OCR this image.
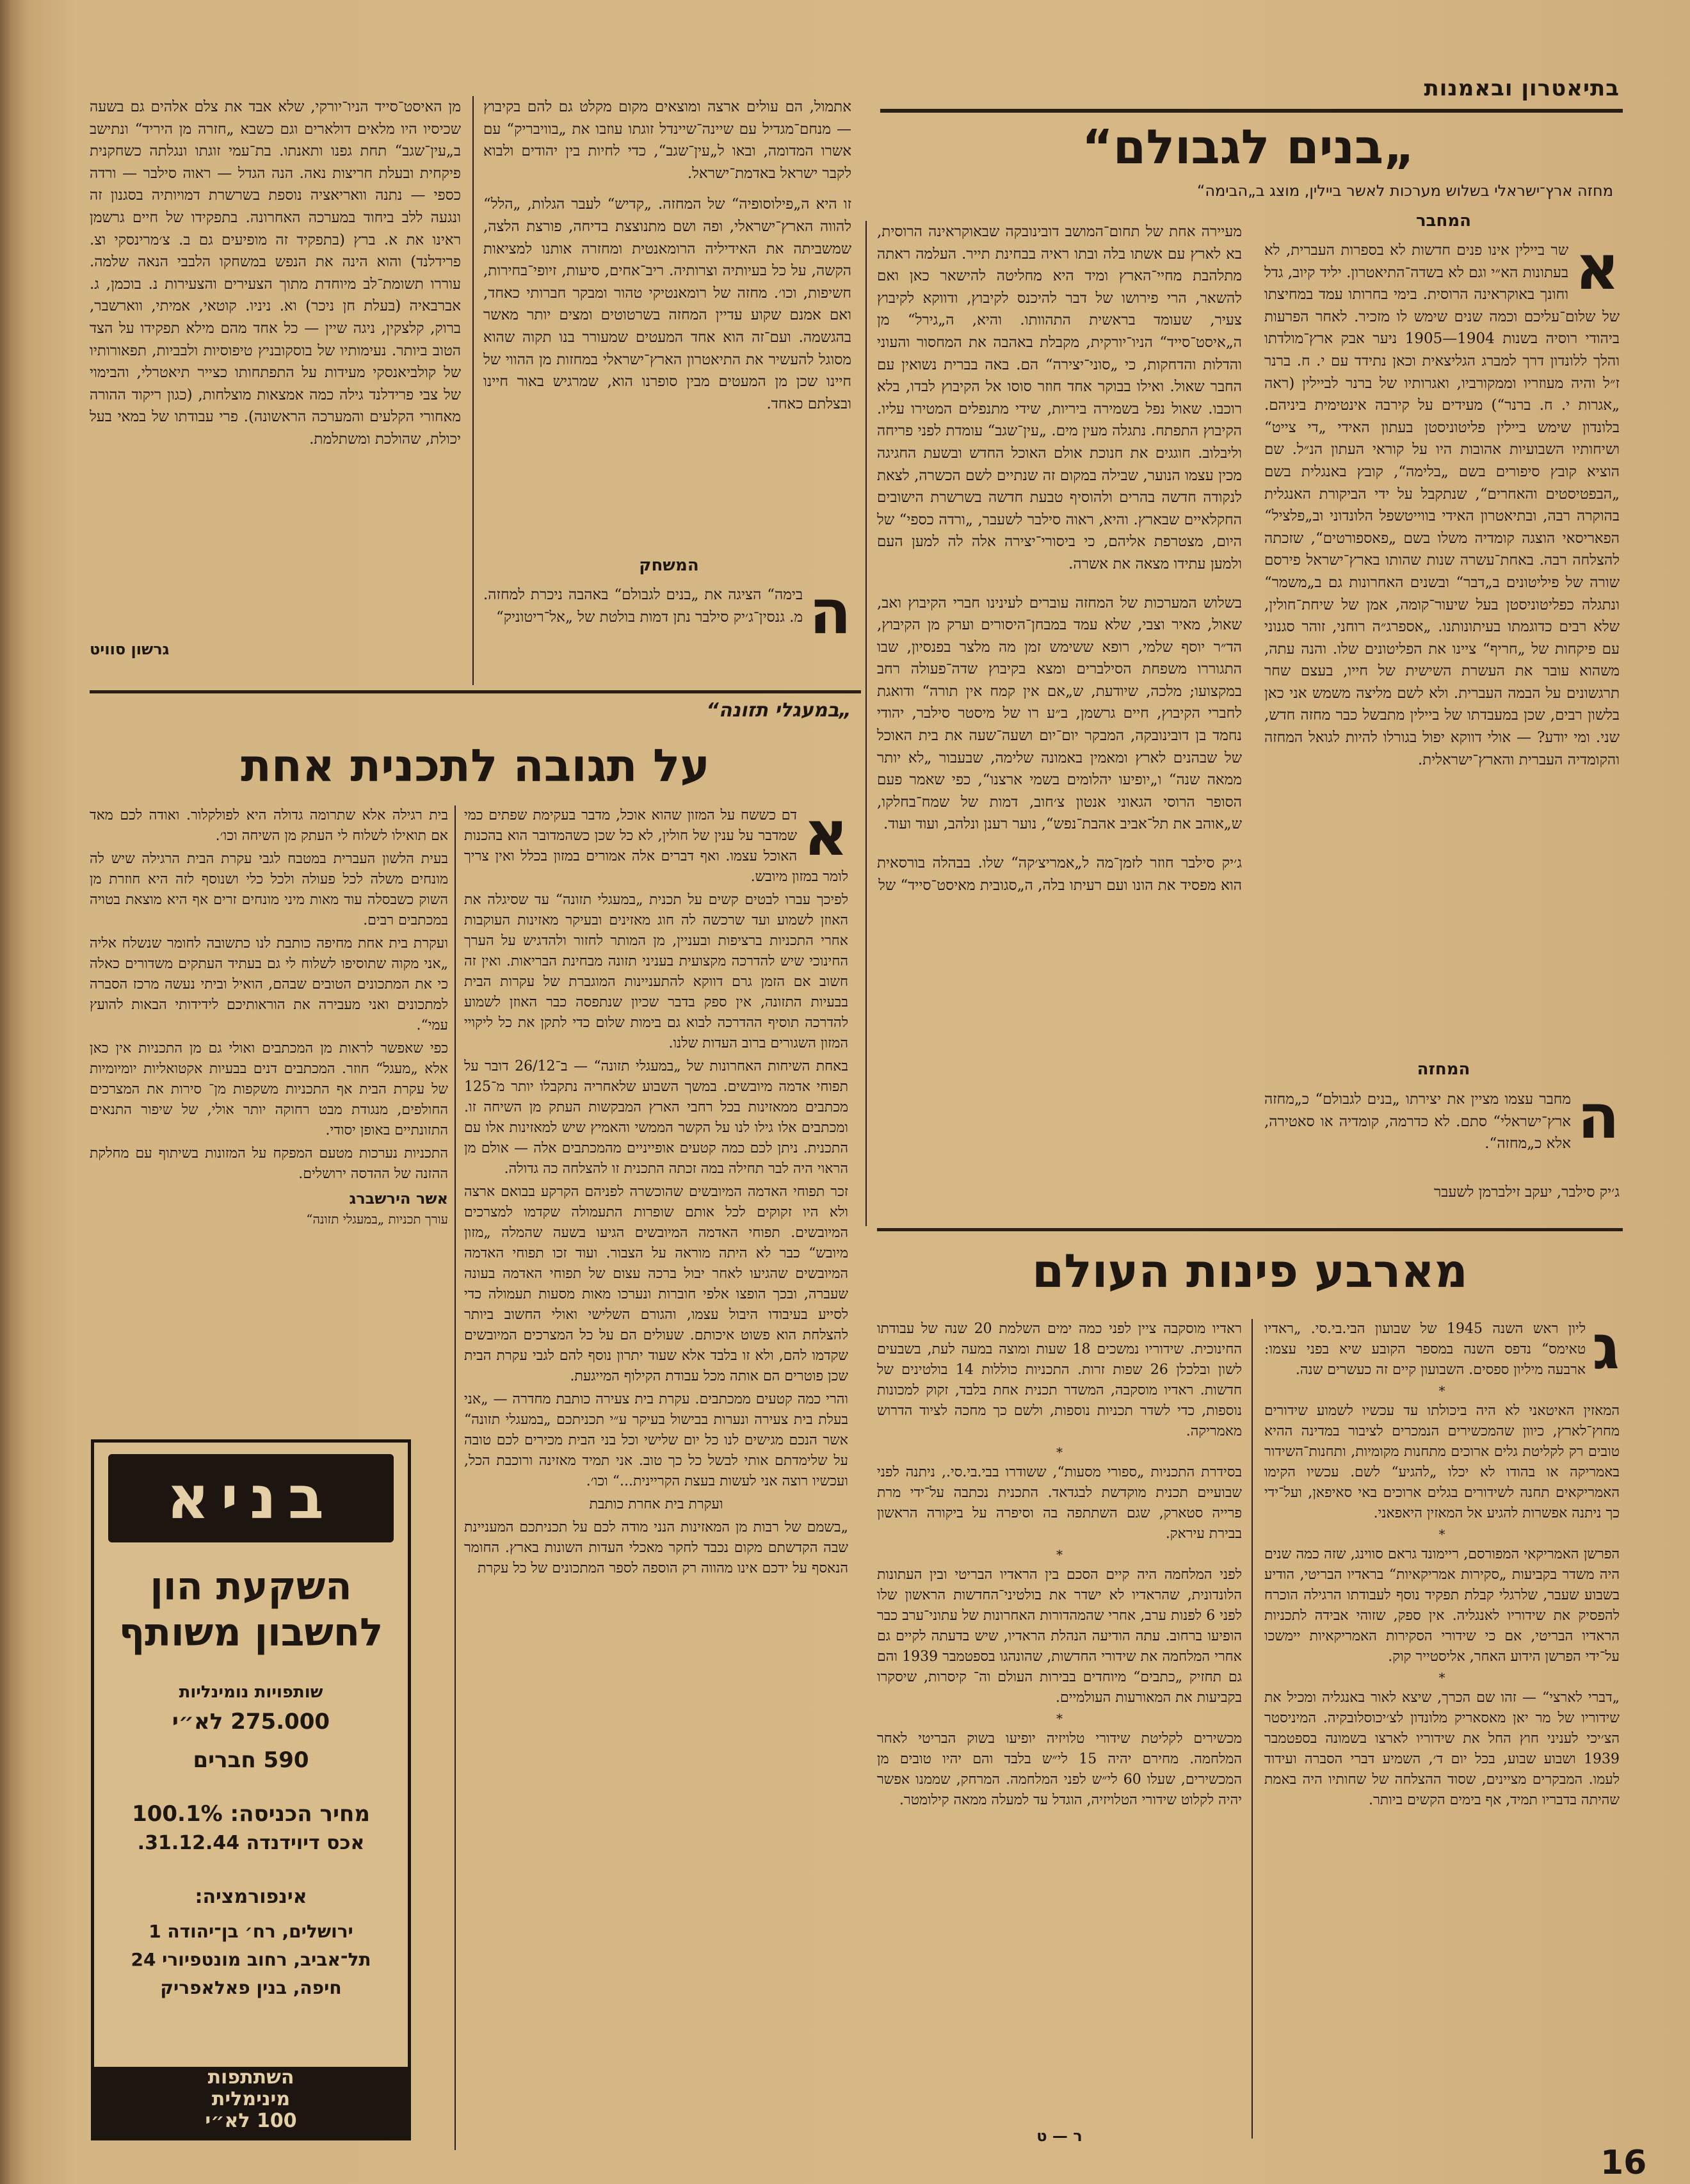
בתיאטרון ובאמנות
„בנים לגבולם“
מחזה ארץ־ישראלי בשלוש מערכות לאשר ביילין, מוצג ב„הבימה“
המחבר
א
שר ביילין אינו פנים חדשות לא בספרות העברית, לא בעתונות הא״י וגם לא בשדה־התיאטרון. יליד קיוב, גדל וחונך באוקראינה הרוסית. בימי בחרותו עמד במחיצתו של שלום־עליכם וכמה שנים שימש לו מזכיר. לאחר הפרעות ביהודי רוסיה בשנות 1904—1905 ניער אבק ארץ־מולדתו והלך ללונדון דרך למברג הגליצאית וכאן נתידד עם י. ח. ברנר ז״ל והיה מעוזריו וממקורביו, ואגרותיו של ברנר לביילין (ראה „אגרות י. ח. ברנר“) מעידים על קירבה אינטימית ביניהם. בלונדון שימש ביילין פליטוניסטן בעתון האידי „די צייט“ ושיחותיו השבועיות אהובות היו על קוראי העתון הנ״ל. שם הוציא קובץ סיפורים בשם „בלימה“, קובץ באנגלית בשם „הבפטיסטים והאחרים“, שנתקבל על ידי הביקורת האנגלית בהוקרה רבה, ובתיאטרון האידי בווייטשפל הלונדוני וב„פלציל“ הפאריסאי הוצגה קומדיה משלו בשם „פאספורטים“, שזכתה להצלחה רבה. באחת־עשרה שנות שהותו בארץ־ישראל פירסם שורה של פיליטונים ב„דבר“ ובשנים האחרונות גם ב„משמר“ ונתגלה כפליטוניסטן בעל שיעור־קומה, אמן של שיחת־חולין, שלא רבים כדוגמתו בעיתונותנו. „אספרג״ה רוחני, זוהר סגנוני עם פיקחות של „חריף“ ציינו את הפליטונים שלו. והנה עתה, משהוא עובר את העשרת השישית של חייו, בעצם שחר תרגשונים על הבמה העברית. ולא לשם מליצה משמש אני כאן בלשון רבים, שכן במעבדתו של ביילין מתבשל כבר מחזה חדש, שני. ומי יודע? — אולי דווקא יפול בגורלו להיות לגואל המחזה והקומדיה העברית והארץ־ישראלית.
המחזה
ה
מחבר עצמו מציין את יצירתו „בנים לגבולם“ כ„מחזה ארץ־ישראלי“ סתם. לא כדרמה, קומדיה או סאטירה, אלא כ„מחזה“.
ג׳יק סילבר, יעקב זילברמן לשעבר

מעיירה אחת של תחום־המושב דובינובקה שבאוקראינה הרוסית, בא לארץ עם אשתו בלה ובתו ראיה בבחינת תייר. העלמה ראתה מתלהבת מחיי־הארץ ומיד היא מחליטה להישאר כאן ואם להשאר, הרי פירושו של דבר להיכנס לקיבוץ, ודווקא לקיבוץ צעיר, שעומד בראשית התהוותו. והיא, ה„גירל“ מן ה„איסט־סייד“ הניו־יורקית, מקבלת באהבה את המחסור והעוני והדלות והדחקות, כי „סוני־יצירה“ הם. באה בברית נשואין עם החבר שאול. ואילו בבוקר אחד חוזר סוסו אל הקיבוץ לבדו, בלא רוכבו. שאול נפל בשמירה ביריות, שידי מתנפלים המטירו עליו. הקיבוץ התפתח. נתגלה מעין מים. „עין־שגב“ עומדת לפני פריחה וליבלוב. חוגגים את חנוכת אולם האוכל החדש ובשעת החגיגה מכין עצמו הנוער, שבילה במקום זה שנתיים לשם הכשרה, לצאת לנקודה חדשה בהרים ולהוסיף טבעת חדשה בשרשרת הישובים החקלאיים שבארץ. והיא, ראוה סילבר לשעבר, „ורדה כספי“ של היום, מצטרפת אליהם, כי ביסורי־יצירה אלה לה למען העם ולמען עתידו מצאה את אשרה.

בשלוש המערכות של המחזה עוברים לעינינו חברי הקיבוץ ואב, שאול, מאיר וצבי, שלא עמד במבחן־היסורים וערק מן הקיבוץ, הד״ר יוסף שלמי, רופא ששימש זמן מה מלצר בפנסיון, שבו התגוררו משפחת הסילברים ומצא בקיבוץ שדה־פעולה רחב במקצועו; מלכה, שיודעת, ש„אם אין קמח אין תורה“ ודואגת לחברי הקיבוץ, חיים גרשמן, ב״ע רו של מיסטר סילבר, יהודי נחמד בן דובינובקה, המבקר יום־יום ושעה־שעה את בית האוכל של שבהנים לארץ ומאמין באמונה שלימה, שבעבור „לא יותר ממאה שנה“ ו„יופיעו יהלומים בשמי ארצנו“, כפי שאמר פעם הסופר הרוסי הגאוני אנטון צ׳חוב, דמות של שמח־בחלקו, ש„אוהב את תל־אביב אהבת־נפש“, נוער רענן ונלהב, ועוד ועוד.

ג׳יק סילבר חוזר לזמן־מה ל„אמריצ׳קה“ שלו. בבהלה בורסאית הוא מפסיד את הונו ועם רעיתו בלה, ה„סגובית מאיסט־סייד“ של

אתמול, הם עולים ארצה ומוצאים מקום מקלט גם להם בקיבוץ — מנחם־מגדיל עם שיינה־שיינדל זוגתו עוזבו את „בוויבריק“ עם אשרו המדומה, ובאו ל„עין־שגב“, כדי לחיות בין יהודים ולבוא לקבר ישראל באדמת־ישראל.

זו היא ה„פילוסופיה“ של המחזה. „קדיש“ לעבר הגלות, „הלל“ להווה הארץ־ישראלי, ופה ושם מתנוצצת בדיחה, פורצת הלצה, שמשביתה את האידיליה הרומאנטית ומחזרה אותנו למציאות הקשה, על כל בעיותיה וצרותיה. ריב־אחים, סיעות, זיופי־בחירות, חשיפות, וכו׳. מחזה של רומאנטיקי טהור ומבקר חברותי כאחד, ואם אמנם שקוע עדיין המחזה בשרטוטים ומצים יותר מאשר בהגשמה. ועם־זה הוא אחד המעטים שמעורר בנו תקוה שהוא מסוגל להעשיר את התיאטרון הארץ־ישראלי במחזות מן ההווי של חיינו שכן מן המעטים מבין סופרנו הוא, שמרגיש באור חיינו ובצלתם כאחד.

המשחק
ה
בימה“ הציגה את „בנים לגבולם“ באהבה ניכרת למחזה. מ. גנסין־ג׳יק סילבר נתן דמות בולטת של „אל־ריטוניק“

מן האיסט־סייד הניו־יורקי, שלא אבד את צלם אלהים גם בשעה שכיסיו היו מלאים דולארים וגם כשבא „חזרה מן היריד“ ונתישב ב„עין־שגב“ תחת גפנו ותאנתו. בת־עמי זוגתו ונגלתה כשחקנית פיקחית ובעלת חריצות נאה. הנה הגדל — ראוה סילבר — ורדה כספי — נתנה וואריאציה נוספת בשרשרת דמויותיה בסגנון זה ונגעה ללב ביחוד במערכה האחרונה. בתפקידו של חיים גרשמן ראינו את א. ברץ (בתפקיד זה מופיעים גם ב. צ׳מרינסקי וצ. פרידלנד) והוא הינה את הנפש במשחקו הלבבי הנאה שלמה. עוררו תשומת־לב מיוחדת מתוך הצעירים והצעירות נ. בוכמן, ג. אברבאיה (בעלת חן ניכר) וא. ניניו. קוטאי, אמיתי, ווארשבר, ברוק, קלצקין, ניגה שיין — כל אחד מהם מילא תפקידו על הצד הטוב ביותר. נעימותיו של בוסקובניץ טיפוסיות ולבביות, תפאורותיו של קולביאנסקי מעידות על התפתחותו כצייר תיאטרלי, והבימוי של צבי פרידלנד גילה כמה אמצאות מוצלחות, (כגון ריקוד ההורה מאחורי הקלעים והמערכה הראשונה). פרי עבודתו של במאי בעל יכולת, שהולכת ומשתלמת.

גרשון סוויט
„במעגלי תזונה“
על תגובה לתכנית אחת
א

דם כששח על המזון שהוא אוכל, מדבר בעקימת שפתים כמי שמדבר על ענין של חולין, לא כל שכן כשהמדובר הוא בהכנות האוכל עצמו. ואף דברים אלה אמורים במזון בכלל ואין צריך לומר במזון מיובש.

לפיכך עברו לבטים קשים על תכנית „במעגלי תזונה“ עד שסיגלה את האוזן לשמוע ועד שרכשה לה חוג מאזינים ובעיקר מאזינות העוקבות אחרי התכניות ברציפות ובעניין, מן המותר לחזור ולהדגיש על הערך החינוכי שיש להדרכה מקצועית בעניני תזונה מבחינת הבריאות. ואין זה חשוב אם הזמן גרם דווקא להתעניינות המוגברת של עקרות הבית בבעיות התזונה, אין ספק בדבר שכיון שנתפסה כבר האוזן לשמוע להדרכה תוסיף ההדרכה לבוא גם בימות שלום כדי לתקן את כל ליקויי המזון השגורים ברוב העדות שלנו.

באחת השיחות האחרונות של „במעגלי תזונה“ — ב־26/12 דובר על תפוחי אדמה מיובשים. במשך השבוע שלאחריה נתקבלו יותר מ־125 מכתבים ממאזינות בכל רחבי הארץ המבקשות העתק מן השיחה זו. ומכתבים אלו גילו לנו על הקשר הממשי והאמיץ שיש למאזינות אלו עם התכנית. ניתן לכם כמה קטעים אופייניים מהמכתבים אלה — אולם מן הראוי היה לבר תחילה במה זכתה התכנית זו להצלחה כה גדולה.

זכר תפוחי האדמה המיובשים שהוכשרה לפניהם הקרקע בבואם ארצה ולא היו זקוקים לכל אותם שופרות התעמולה שקדמו למצרכים המיובשים. תפוחי האדמה המיובשים הגיעו בשעה שהמלה „מזון מיובש“ כבר לא היתה מוראה על הצבור. ועוד זכו תפוחי האדמה המיובשים שהגיעו לאחר יבול ברכה עצום של תפוחי האדמה בעונה שעברה, ובכך הופצו אלפי חוברות ונערכו מאות מסעות תעמולה כדי לסייע בעיבודו היבול עצמו, והגורם השלישי ואולי החשוב ביותר להצלחת הוא פשוט איכותם. שעולים הם על כל המצרכים המיובשים שקדמו להם, ולא זו בלבד אלא שעוד יתרון נוסף להם לגבי עקרת הבית שכן פוטרים הם אותה מכל עבודת הקילוף המייגעת.

והרי כמה קטעים ממכתבים. עקרת בית צעירה כותבת מחדרה — „אני בעלת בית צעירה ונערות בבישול בעיקר ע״י תכניתכם „במעגלי תזונה“ אשר הנכם מגישים לנו כל יום שלישי וכל בני הבית מכירים לכם טובה על שלימדתם אותי לבשל כל כך טוב. אני תמיד מאזינה ורוכבת הכל, ועכשיו רוצה אני לעשות בעצת הקריינית...“ וכו׳.

ועקרת בית אחרת כותבת

„בשמם של רבות מן המאזינות הנני מודה לכם על תכניתכם המעניינת שבה הקדשתם מקום נכבד לחקר מאכלי העדות השונות בארץ. החומר הנאסף על ידכם אינו מהווה רק הוספה לספר המתכונים של כל עקרת

בית רגילה אלא שתרומה גדולה היא לפולקלור. ואודה לכם מאד אם תואילו לשלוח לי העתק מן השיחה וכו׳.

בעית הלשון העברית במטבח לגבי עקרת הבית הרגילה שיש לה מונחים משלה לכל פעולה ולכל כלי ושנוסף לזה היא חוזרת מן השוק כשבסלה עוד מאות מיני מונחים זרים אף היא מוצאת בטויה במכתבים רבים.

ועקרת בית אחת מחיפה כותבת לנו כתשובה לחומר שנשלח אליה „אני מקוה שתוסיפו לשלוח לי גם בעתיד העתקים משדורים כאלה כי את המתכונים הטובים שבהם, הואיל וביתי נעשה מרכז הסברה למתכונים ואני מעבירה את הוראותיכם לידידותי הבאות להועץ עמי“.

כפי שאפשר לראות מן המכתבים ואולי גם מן התכניות אין כאן אלא „מעגל“ חוזר. המכתבים דנים בבעיות אקטואליות יומיומיות של עקרת הבית אף התכניות משקפות מן־ סירות את המצרכים החולפים, מנגודת מבט רחוקה יותר אולי, של שיפור התנאים התזונתיים באופן יסודי.

התכניות נערכות מטעם המפקח על המזונות בשיתוף עם מחלקת ההזנה של ההדסה ירושלים.

אשר הירשברג

עורך תכניות „במעגלי תזונה“

בניא
השקעת הון
לחשבון משותף
שותפויות נומינליות
275.000 לא״י
590 חברים
מחיר הכניסה: 100.1%
אכס דיוידנדה 31.12.44.
אינפורמציה:
ירושלים, רח׳ בן־יהודה 1
תל־אביב, רחוב מונטפיורי 24
חיפה, בנין פאלאפריק
השתתפות
מינימלית
100 לא״י
מארבע פינות העולם
ג

ליון ראש השנה 1945 של שבועון הבי.בי.סי. „ראדיו טאימס“ נדפס השנה במספר הקובע שיא בפני עצמו: ארבעה מיליון ספסים. השבועון קיים זה כעשרים שנה.

*

המאזין האיטאני לא היה ביכולתו עד עכשיו לשמוע שידורים מחוץ־לארץ, כיוון שהמכשירים הנמכרים לציבור במדינה ההיא טובים רק לקליטת גלים ארוכים מתחנות מקומיות, ותחנות־השידור באמריקה או בהודו לא יכלו „להגיע“ לשם. עכשיו הקימו האמריקאים תחנה לשידורים בגלים ארוכים באי סאיפאן, ועל־ידי כך ניתנה אפשרות להגיע אל המאזין היאפאני.

*

הפרשן האמריקאי המפורסם, ריימונד גראם סווינג, שזה כמה שנים היה משדר בקביעות „סקירות אמריקאיות“ בראדיו הבריטי, הודיע בשבוע שעבר, שלרגלי קבלת תפקיד נוסף לעבודתו הרגילה הוכרח להפסיק את שידוריו לאנגליה. אין ספק, שזוהי אבידה לתכניות הראדיו הבריטי, אם כי שידורי הסקירות האמריקאיות יימשכו על־ידי הפרשן הידוע האחר, אליסטייר קוק.

*

„דברי לארצי“ — זהו שם הכרך, שיצא לאור באנגליה ומכיל את שידוריו של מר יאן מאסאריק מלונדון לצ׳יכוסלובקיה. המיניסטר הצ׳יכי לעניני חוץ החל את שידוריו לארצו בשמונה בספטמבר 1939 ושבוע שבוע, בכל יום ד׳, השמיע דברי הסברה ועידוד לעמו. המבקרים מציינים, שסוד ההצלחה של שחותיו היה באמת שהיתה בדבריו תמיד, אף בימים הקשים ביותר.

ראדיו מוסקבה ציין לפני כמה ימים השלמת 20 שנה של עבודתו החינוכית. שידוריו נמשכים 18 שעות ומוצה במעה לעת, בשבעים לשון ובלכלן 26 שפות זרות. התכניות כוללות 14 בולטינים של חדשות. ראדיו מוסקבה, המשדר תכנית אחת בלבד, זקוק למכונות נוספות, כדי לשדר תכניות נוספות, ולשם כך מחכה לציוד הדרוש מאמריקה.

*

בסידרת התכניות „ספורי מסעות“, ששודרו בבי.בי.סי., ניתנה לפני שבועיים תכנית מוקדשת לבגדאד. התכנית נכתבה על־ידי מרת פרייה סטארק, שגם השתתפה בה וסיפרה על ביקורה הראשון בבירת עיראק.

*

לפני המלחמה היה קיים הסכם בין הראדיו הבריטי ובין העתונות הלונדונית, שהראדיו לא ישדר את בולטיני־החדשות הראשון שלו לפני 6 לפנות ערב, אחרי שהמהדורות האחרונות של עתוני־ערב כבר הופיעו ברחוב. עתה הודיעה הנהלת הראדיו, שיש בדעתה לקיים גם אחרי המלחמה את שידורי החדשות, שהונהגו בספטמבר 1939 והם גם תחזיק „כתבים“ מיוחדים בבירות העולם וה־ קיסרות, שיסקרו בקביעות את המאורעות העולמיים.

*

מכשירים לקליטת שידורי טלויזיה יופיעו בשוק הבריטי לאחר המלחמה. מחירם יהיה 15 לי״ש בלבד והם יהיו טובים מן המכשירים, שעלו 60 לי״ש לפני המלחמה. המרחק, שממנו אפשר יהיה לקלוט שידורי הטלויזיה, הוגדל עד למעלה ממאה קילומטר.

ר — ט
16
